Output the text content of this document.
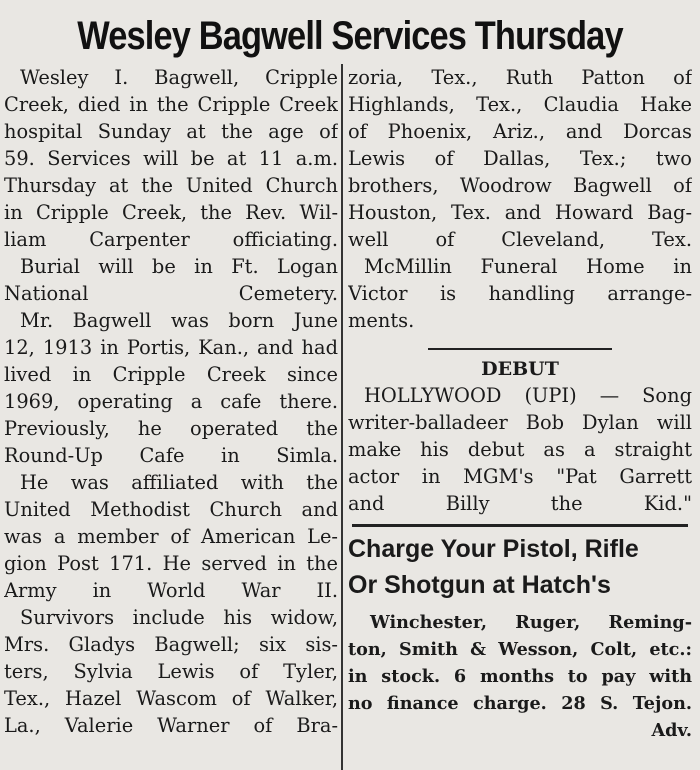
Wesley Bagwell Services Thursday
Wesley I. Bagwell, Cripple
Creek, died in the Cripple Creek
hospital Sunday at the age of
59. Services will be at 11 a.m.
Thursday at the United Church
in Cripple Creek, the Rev. Wil-
liam Carpenter officiating.
Burial will be in Ft. Logan
National Cemetery.
Mr. Bagwell was born June
12, 1913 in Portis, Kan., and had
lived in Cripple Creek since
1969, operating a cafe there.
Previously, he operated the
Round-Up Cafe in Simla.
He was affiliated with the
United Methodist Church and
was a member of American Le-
gion Post 171. He served in the
Army in World War II.
Survivors include his widow,
Mrs. Gladys Bagwell; six sis-
ters, Sylvia Lewis of Tyler,
Tex., Hazel Wascom of Walker,
La., Valerie Warner of Bra-
zoria, Tex., Ruth Patton of
Highlands, Tex., Claudia Hake
of Phoenix, Ariz., and Dorcas
Lewis of Dallas, Tex.; two
brothers, Woodrow Bagwell of
Houston, Tex. and Howard Bag-
well of Cleveland, Tex.
McMillin Funeral Home in
Victor is handling arrange-
ments.
DEBUT
HOLLYWOOD (UPI) — Song
writer-balladeer Bob Dylan will
make his debut as a straight
actor in MGM's "Pat Garrett
and Billy the Kid."
Charge Your Pistol, Rifle
Or Shotgun at Hatch's
Winchester, Ruger, Reming-
ton, Smith & Wesson, Colt, etc.:
in stock. 6 months to pay with
no finance charge. 28 S. Tejon.
Adv.
